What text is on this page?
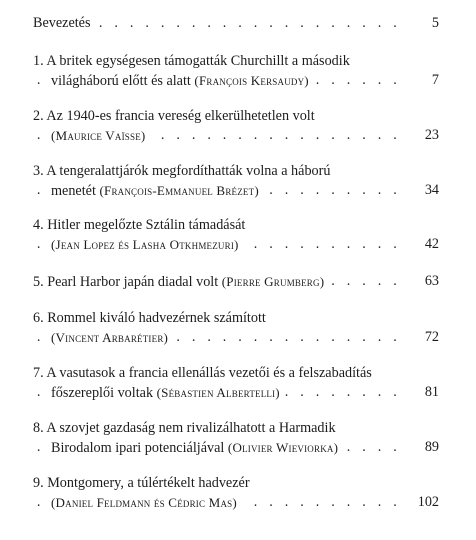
Bevezetés . . .	5
1. A britek egységesen támogatták Churchillt a második
világháború előtt és alatt (François Kersaudy) . . .	7
2. Az 1940-es francia vereség elkerülhetetlen volt
(Maurice Vaïsse) . . .	23
3. A tengeralattjárók megfordíthatták volna a háború
menetét (François-Emmanuel Brézet) . . .	34
4. Hitler megelőzte Sztálin támadását
(Jean Lopez és Lasha Otkhmezuri) . . .	42
5. Pearl Harbor japán diadal volt (Pierre Grumberg) . . .	63
6. Rommel kiváló hadvezérnek számított
(Vincent Arbarétier) . . .	72
7. A vasutasok a francia ellenállás vezetői és a felszabadítás
főszereplői voltak (Sébastien Albertelli) . . .	81
8. A szovjet gazdaság nem rivalizálhatott a Harmadik
Birodalom ipari potenciáljával (Olivier Wieviorka) . . .	89
9. Montgomery, a túlértékelt hadvezér
(Daniel Feldmann és Cédric Mas) . . .	102
